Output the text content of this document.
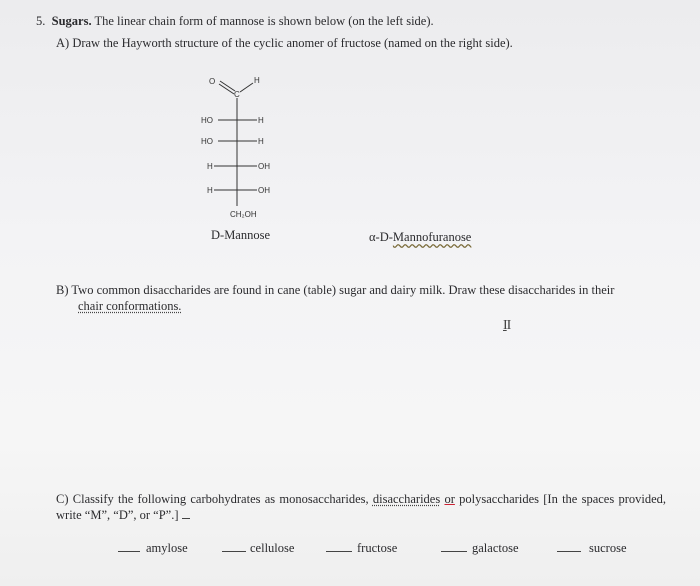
5. Sugars. The linear chain form of mannose is shown below (on the left side).
A) Draw the Hayworth structure of the cyclic anomer of fructose (named on the right side).
O
C
H
HO	H
HO	H
H	OH
H	OH
CH₂OH
D-Mannose	α-D-Mannofuranose
B) Two common disaccharides are found in cane (table) sugar and dairy milk. Draw these disaccharides in their
chair conformations.
II
C) Classify the following carbohydrates as monosaccharides, disaccharides or polysaccharides [In the spaces provided, write “M”, “D”, or “P”.]
amylose	cellulose	fructose	galactose	sucrose
